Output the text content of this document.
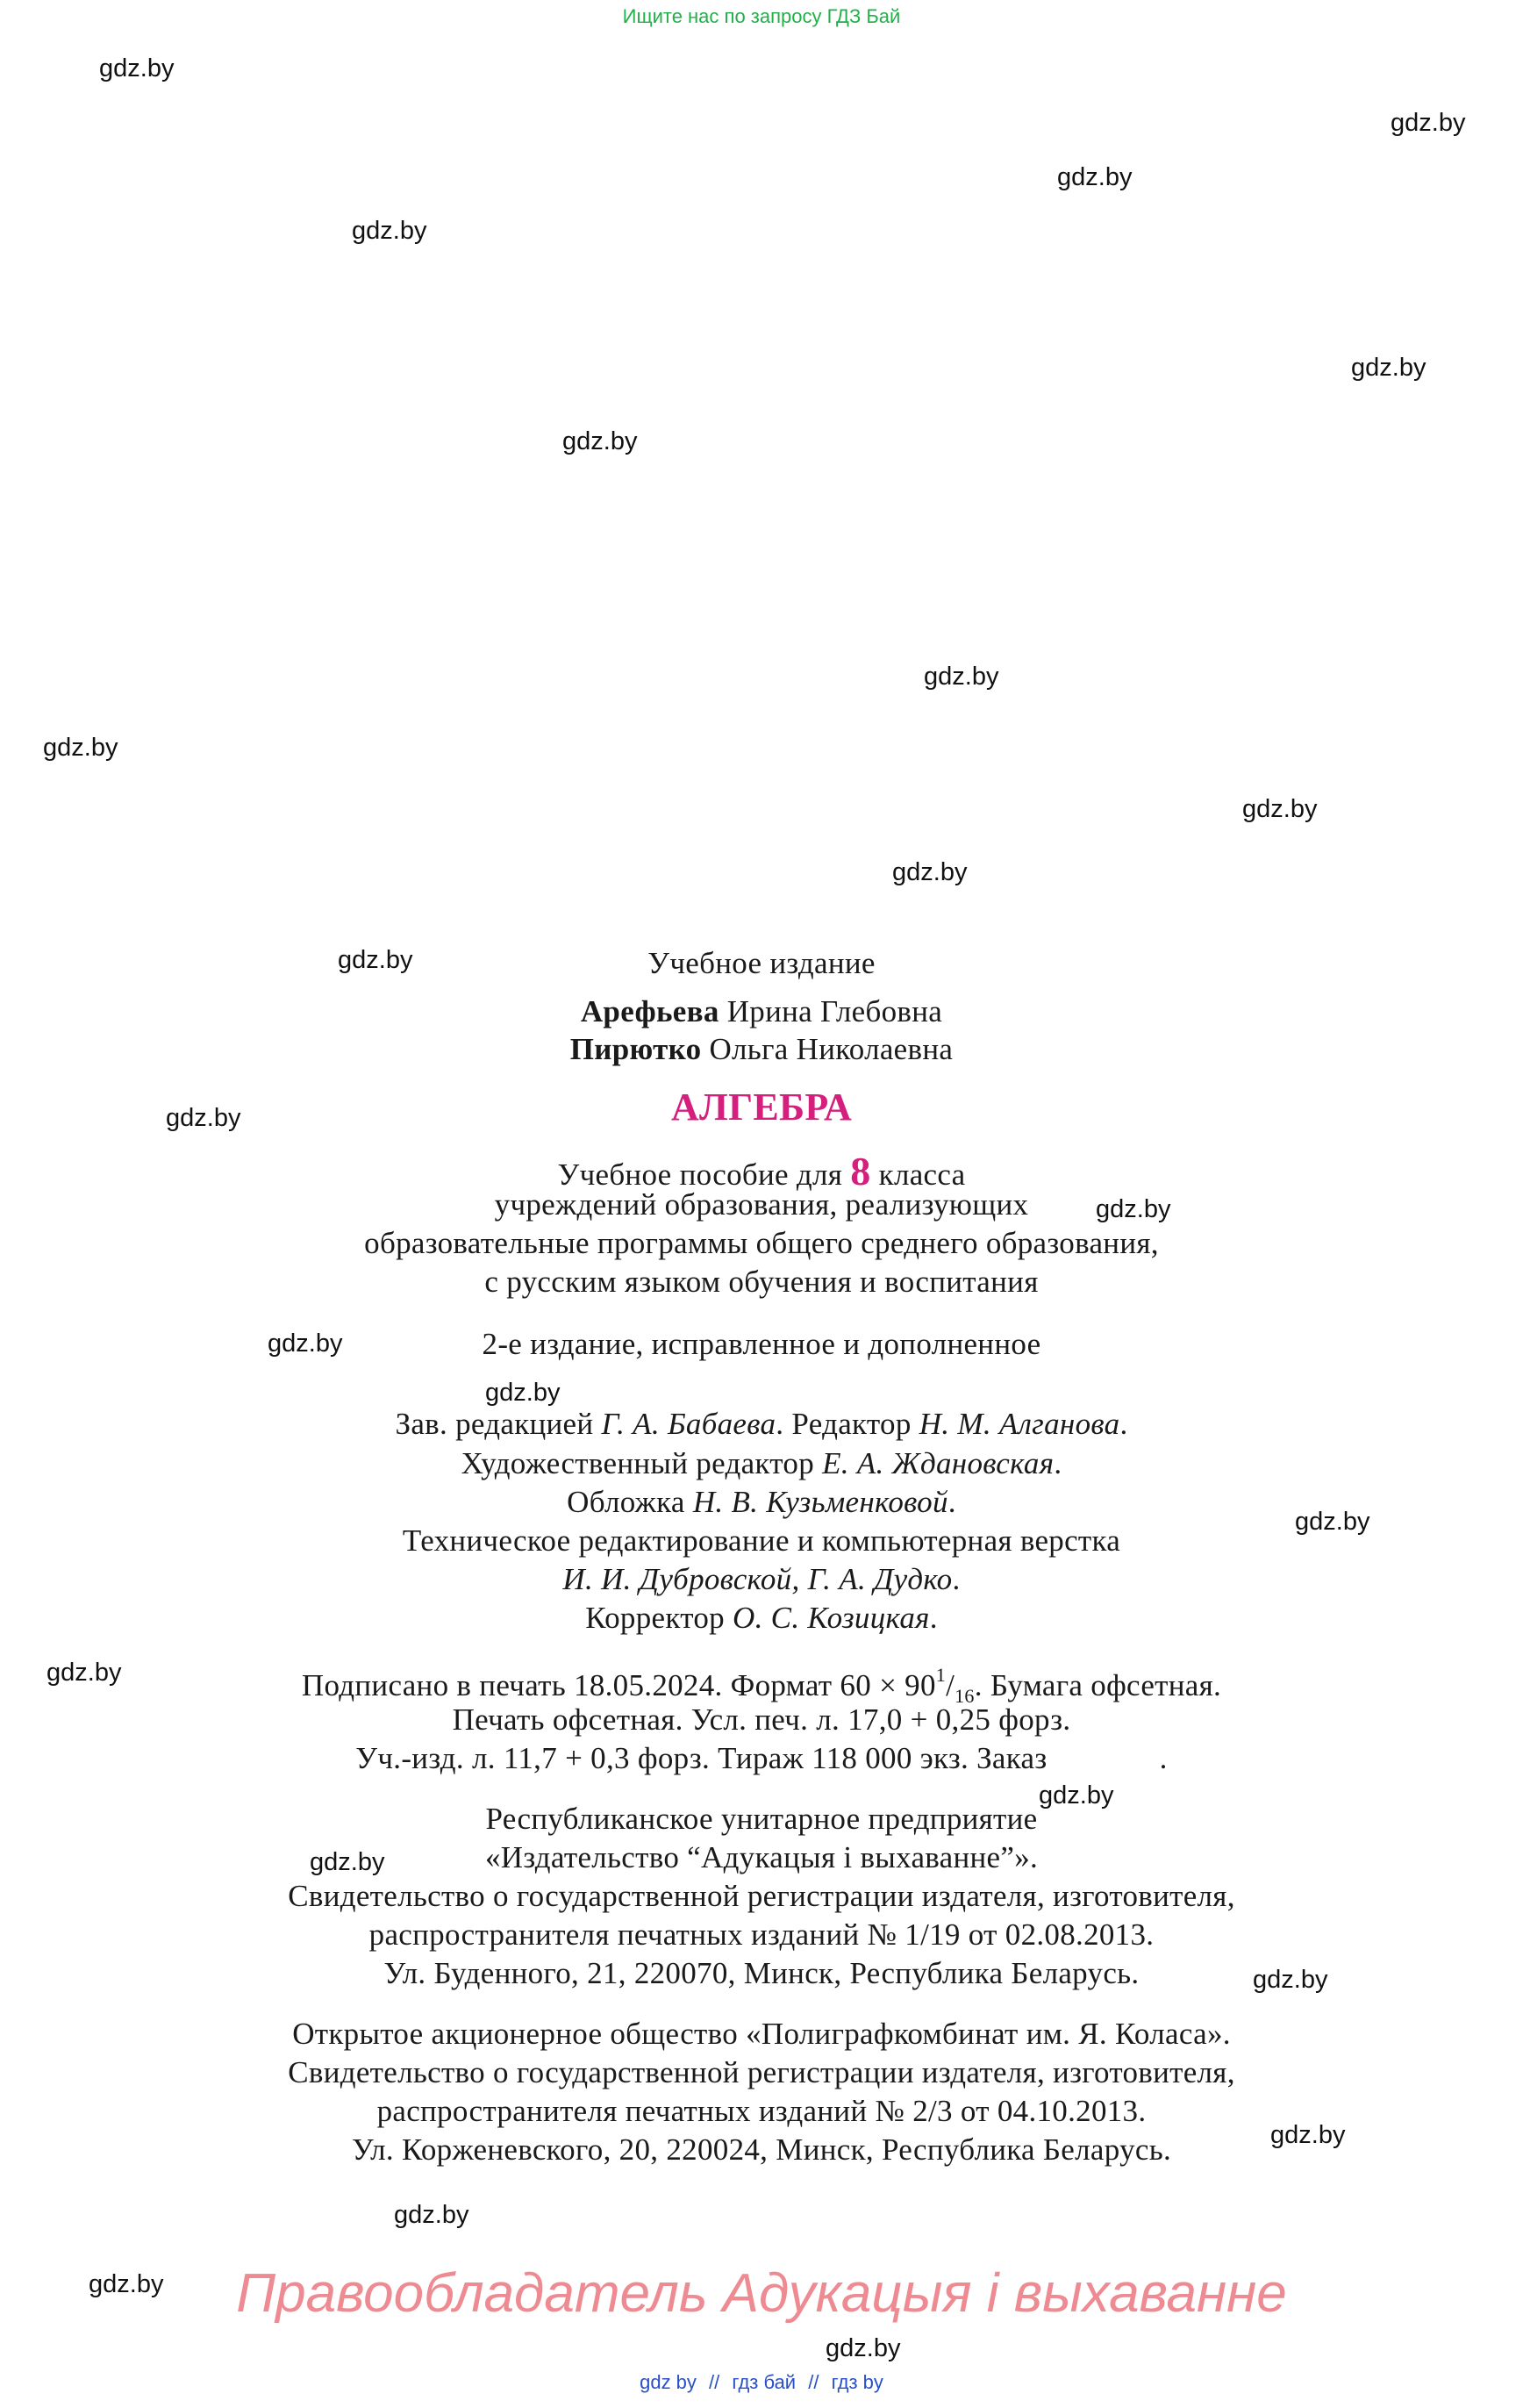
Ищите нас по запросу ГДЗ Бай
gdz.by
gdz.by
gdz.by
gdz.by
gdz.by
gdz.by
gdz.by
gdz.by
gdz.by
gdz.by
gdz.by
gdz.by
gdz.by
gdz.by
gdz.by
gdz.by
gdz.by
gdz.by
gdz.by
gdz.by
gdz.by
gdz.by
gdz.by
gdz.by
Учебное издание
Арефьева Ирина Глебовна
Пирютко Ольга Николаевна
АЛГЕБРА
Учебное пособие для 8 класса
учреждений образования, реализующих
образовательные программы общего среднего образования,
с русским языком обучения и воспитания
2-е издание, исправленное и дополненное
Зав. редакцией Г. А. Бабаева. Редактор Н. М. Алганова.
Художественный редактор Е. А. Ждановская.
Обложка Н. В. Кузьменковой.
Техническое редактирование и компьютерная верстка
И. И. Дубровской, Г. А. Дудко.
Корректор О. С. Козицкая.
Подписано в печать 18.05.2024. Формат $60 \times 90^1/_{16}$. Бумага офсетная.
Печать офсетная. Усл. печ. л. 17,0 + 0,25 форз.
Уч.-изд. л. 11,7 + 0,3 форз. Тираж 118 000 экз. Заказ	.
Республиканское унитарное предприятие
«Издательство “Адукацыя і выхаванне”».
Свидетельство о государственной регистрации издателя, изготовителя,
распространителя печатных изданий № 1/19 от 02.08.2013.
Ул. Буденного, 21, 220070, Минск, Республика Беларусь.
Открытое акционерное общество «Полиграфкомбинат им. Я. Коласа».
Свидетельство о государственной регистрации издателя, изготовителя,
распространителя печатных изданий № 2/3 от 04.10.2013.
Ул. Корженевского, 20, 220024, Минск, Республика Беларусь.
Правообладатель Адукацыя і выхаванне
gdz by // гдз бай // гдз by
